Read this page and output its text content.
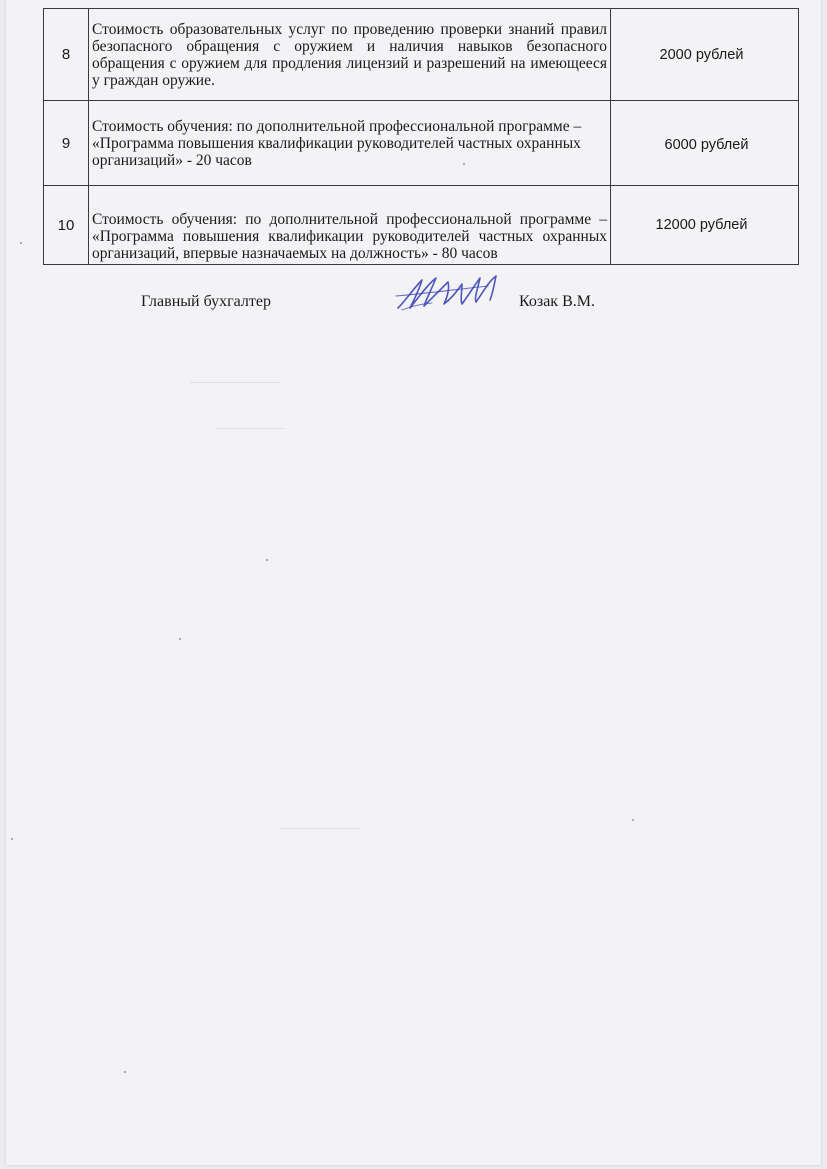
8	Стоимость образовательных услуг по проведению проверки знаний правил безопасного обращения с оружием и наличия навыков безопасного обращения с оружием для продления лицензий и разрешений на имеющееся у граждан оружие.	2000 рублей
9	Стоимость обучения: по дополнительной профессиональной программе – «Программа повышения квалификации руководителей частных охранных организаций» - 20 часов	6000 рублей
10	Стоимость обучения: по дополнительной профессиональной программе – «Программа повышения квалификации руководителей частных охранных организаций, впервые назначаемых на должность» - 80 часов	12000 рублей
Главный бухгалтер	Козак В.М.
